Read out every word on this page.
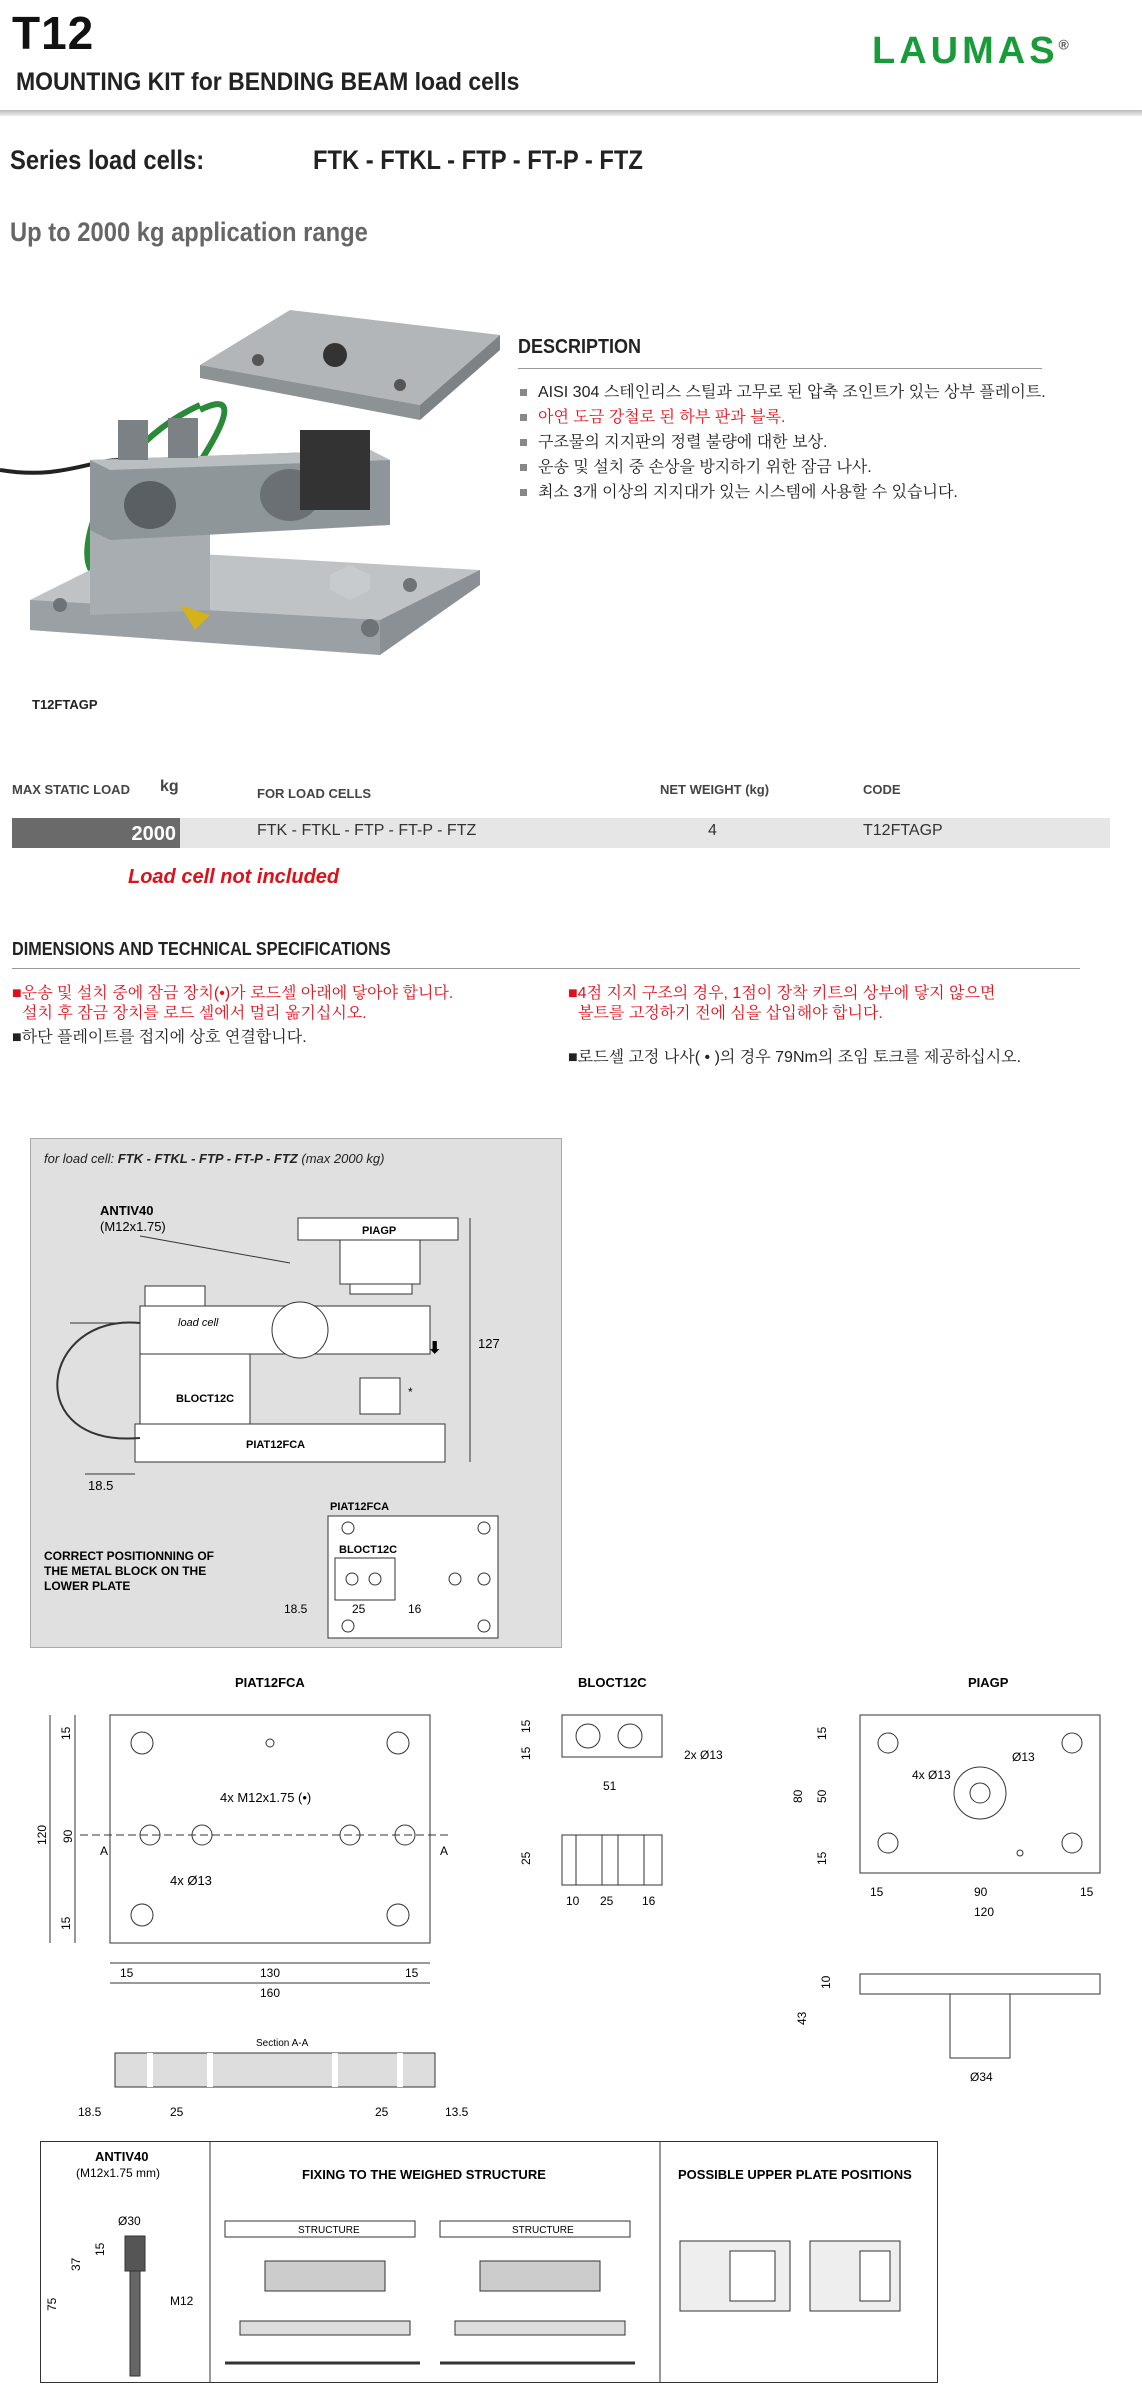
T12
MOUNTING KIT for BENDING BEAM load cells
LAUMAS®
Series load cells:	FTK - FTKL - FTP - FT-P - FTZ
Up to 2000 kg application range
T12FTAGP
DESCRIPTION
AISI 304 스테인리스 스틸과 고무로 된 압축 조인트가 있는 상부 플레이트.
아연 도금 강철로 된 하부 판과 블록.
구조물의 지지판의 정렬 불량에 대한 보상.
운송 및 설치 중 손상을 방지하기 위한 잠금 나사.
최소 3개 이상의 지지대가 있는 시스템에 사용할 수 있습니다.
MAX STATIC LOAD kg	FOR LOAD CELLS	NET WEIGHT (kg)	CODE
2000	FTK - FTKL - FTP - FT-P - FTZ	4	T12FTAGP
Load cell not included
DIMENSIONS AND TECHNICAL SPECIFICATIONS
■운송 및 설치 중에 잠금 장치(•)가 로드셀 아래에 닿아야 합니다.
설치 후 잠금 장치를 로드 셀에서 멀리 옮기십시오.
■하단 플레이트를 접지에 상호 연결합니다.
■4점 지지 구조의 경우, 1점이 장착 키트의 상부에 닿지 않으면
볼트를 고정하기 전에 심을 삽입해야 합니다.
■로드셀 고정 나사( • )의 경우 79Nm의 조임 토크를 제공하십시오.
for load cell: FTK - FTKL - FTP - FT-P - FTZ (max 2000 kg)
ANTIV40
(M12x1.75)	PIAGP
load cell
⬇
BLOCT12C	*
PIAT12FCA
127
18.5
CORRECT POSITIONNING OF
THE METAL BLOCK ON THE
LOWER PLATE
PIAT12FCA
BLOCT12C
18.5	25	16
PIAT12FCA
4x M12x1.75 (•)
4x Ø13
A	A
15
90
15
120
15	130	15
160
Section A-A
18.5	25	25	13.5
BLOCT12C
2x Ø13
15
15
51
25
10 25 16
PIAGP
Ø13
4x Ø13
15
50
15
80
15	90	15
120
10
43
Ø34
ANTIV40
(M12x1.75 mm)
Ø30
15
37
75	M12
FIXING TO THE WEIGHED STRUCTURE
STRUCTURE	STRUCTURE
POSSIBLE UPPER PLATE POSITIONS
